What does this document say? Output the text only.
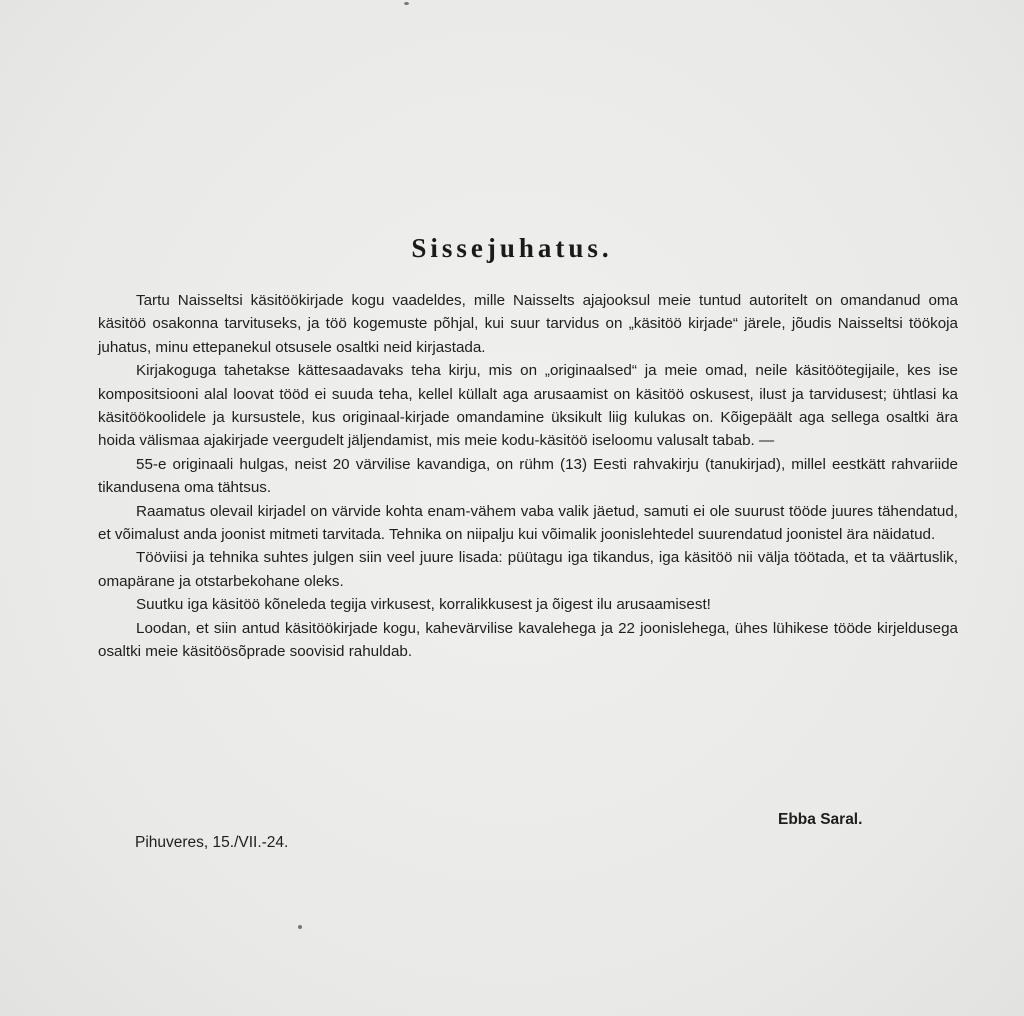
Sissejuhatus.

Tartu Naisseltsi käsitöökirjade kogu vaadeldes, mille Naisselts ajajooksul meie tuntud autoritelt on omandanud oma käsitöö osakonna tarvituseks, ja töö kogemuste põhjal, kui suur tarvidus on „käsitöö kirjade“ järele, jõudis Naisseltsi töökoja juhatus, minu ettepanekul otsusele osaltki neid kirjastada.

Kirjakoguga tahetakse kättesaadavaks teha kirju, mis on „originaalsed“ ja meie omad, neile käsitöötegijaile, kes ise kompositsiooni alal loovat tööd ei suuda teha, kellel küllalt aga arusaamist on käsitöö oskusest, ilust ja tarvidusest; ühtlasi ka käsitöökoolidele ja kursustele, kus originaal-kirjade omandamine üksikult liig kulukas on. Kõigepäält aga sellega osaltki ära hoida välismaa ajakirjade veergudelt jäljendamist, mis meie kodu-käsitöö iseloomu valusalt tabab. —

55-e originaali hulgas, neist 20 värvilise kavandiga, on rühm (13) Eesti rahvakirju (tanukirjad), millel eestkätt rahvariide tikandusena oma tähtsus.

Raamatus olevail kirjadel on värvide kohta enam-vähem vaba valik jäetud, samuti ei ole suurust tööde juures tähendatud, et võimalust anda joonist mitmeti tarvitada. Tehnika on niipalju kui võimalik joonislehtedel suurendatud joonistel ära näidatud.

Tööviisi ja tehnika suhtes julgen siin veel juure lisada: püütagu iga tikandus, iga käsitöö nii välja töötada, et ta väärtuslik, omapärane ja otstarbekohane oleks.

Suutku iga käsitöö kõneleda tegija virkusest, korralikkusest ja õigest ilu arusaamisest!

Loodan, et siin antud käsitöökirjade kogu, kahevärvilise kavalehega ja 22 joonislehega, ühes lühikese tööde kirjeldusega osaltki meie käsitöösõprade soovisid rahuldab.

Ebba Saral.
Pihuveres, 15./VII.-24.
